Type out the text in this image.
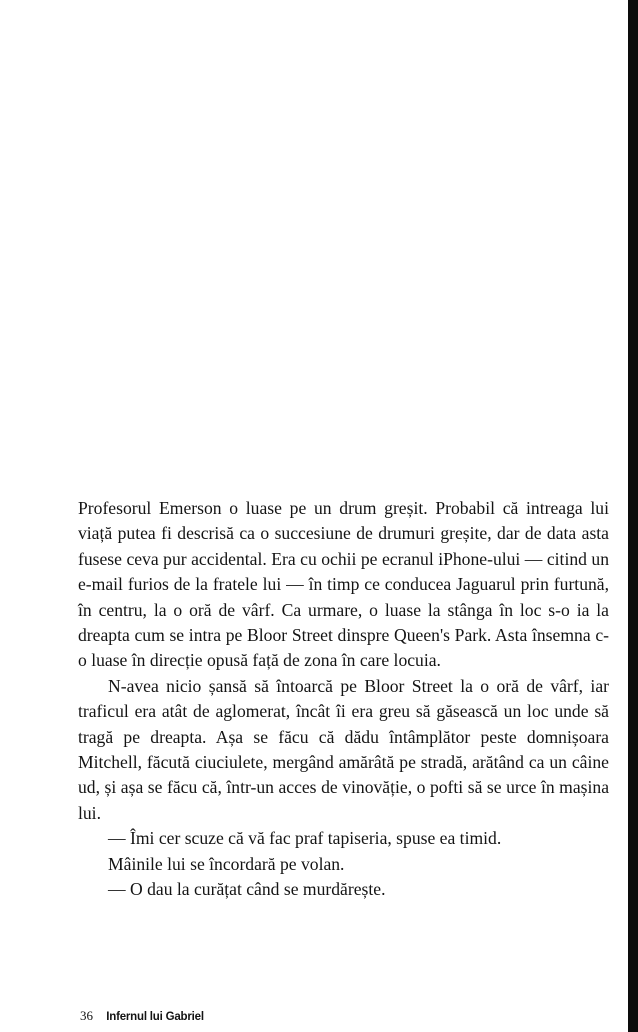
Profesorul Emerson o luase pe un drum greșit. Probabil că intreaga lui viață putea fi descrisă ca o succesiune de drumuri greșite, dar de data asta fusese ceva pur accidental. Era cu ochii pe ecranul iPhone-ului — citind un e-mail furios de la fratele lui — în timp ce conducea Jaguarul prin furtună, în centru, la o oră de vârf. Ca urmare, o luase la stânga în loc s-o ia la dreapta cum se intra pe Bloor Street dinspre Queen's Park. Asta însemna c-o luase în direcție opusă față de zona în care locuia.

N-avea nicio șansă să întoarcă pe Bloor Street la o oră de vârf, iar traficul era atât de aglomerat, încât îi era greu să găsească un loc unde să tragă pe dreapta. Așa se făcu că dădu întâmplător peste domnișoara Mitchell, făcută ciuciulete, mergând amărâtă pe stradă, arătând ca un câine ud, și așa se făcu că, într-un acces de vinovăție, o pofti să se urce în mașina lui.

— Îmi cer scuze că vă fac praf tapiseria, spuse ea timid.

Mâinile lui se încordară pe volan.

— O dau la curățat când se murdărește.

36 Infernul lui Gabriel
